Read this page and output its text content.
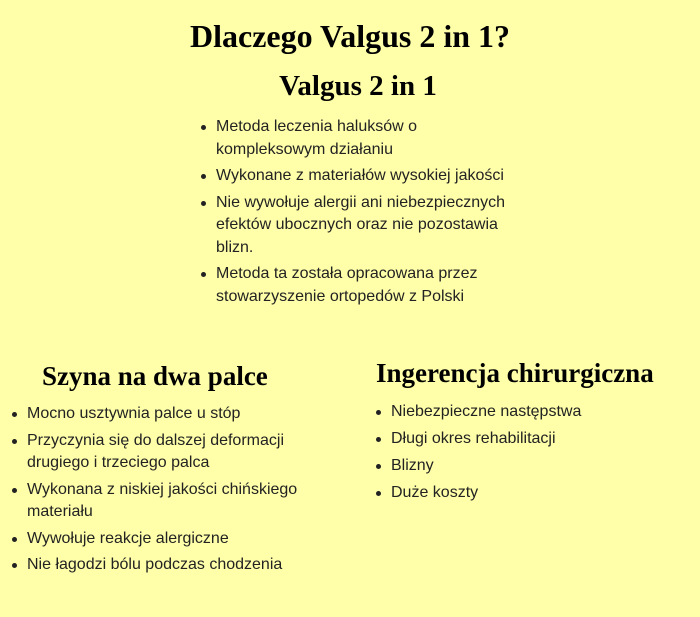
Dlaczego Valgus 2 in 1?
Valgus 2 in 1
Metoda leczenia haluksów o kompleksowym działaniu
Wykonane z materiałów wysokiej jakości
Nie wywołuje alergii ani niebezpiecznych efektów ubocznych oraz nie pozostawia blizn.
Metoda ta została opracowana przez stowarzyszenie ortopedów z Polski
Szyna na dwa palce
Mocno usztywnia palce u stóp
Przyczynia się do dalszej deformacji drugiego i trzeciego palca
Wykonana z niskiej jakości chińskiego materiału
Wywołuje reakcje alergiczne
Nie łagodzi bólu podczas chodzenia
Ingerencja chirurgiczna
Niebezpieczne następstwa
Długi okres rehabilitacji
Blizny
Duże koszty
